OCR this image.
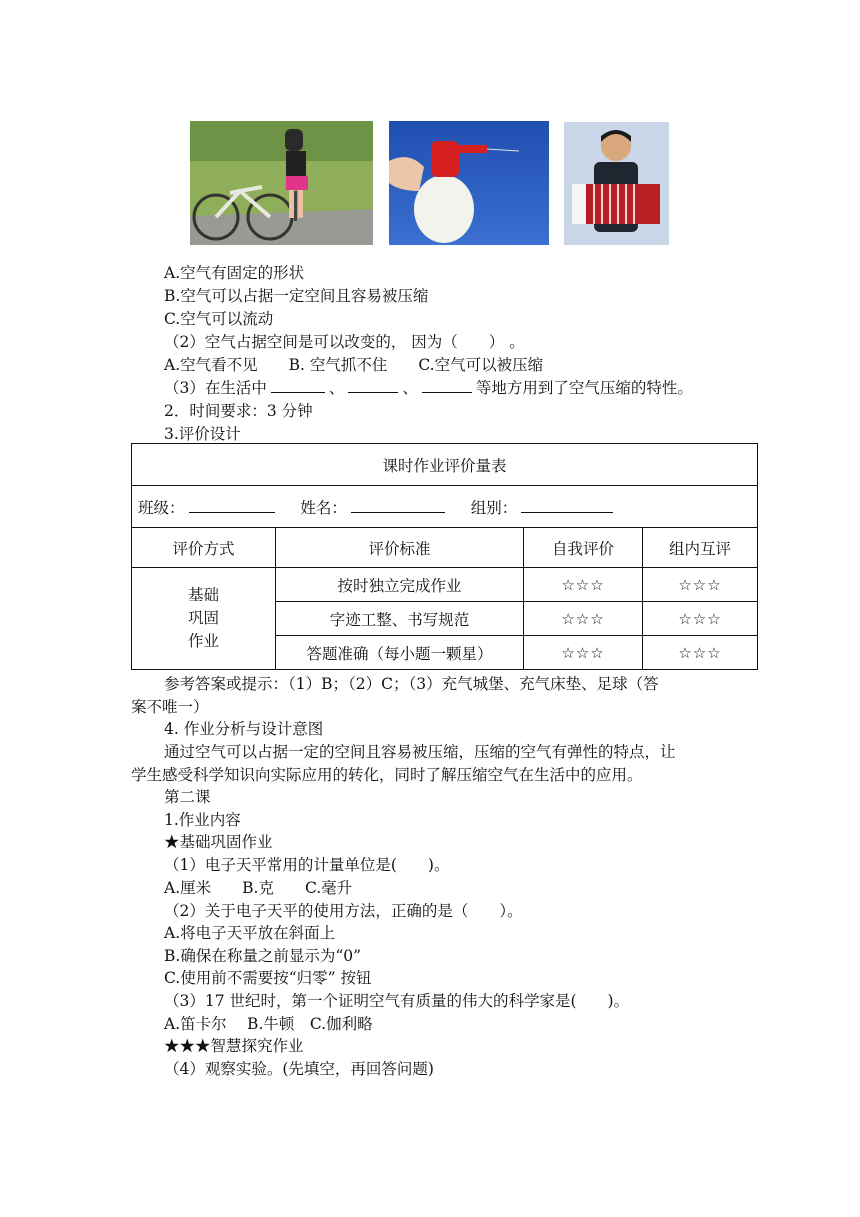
A.空气有固定的形状
B.空气可以占据一定空间且容易被压缩
C.空气可以流动
（2）空气占据空间是可以改变的， 因为（　　） 。
A.空气看不见　　B. 空气抓不住　　C.空气可以被压缩
（3）在生活中	、	、	等地方用到了空气压缩的特性。
2．时间要求：3 分钟
3.评价设计
课时作业评价量表			
班级： 姓名： 组别：			
评价方式	评价标准	自我评价	组内互评

基础
巩固
作业	按时独立完成作业	☆☆☆	☆☆☆
	字迹工整、书写规范	☆☆☆	☆☆☆
	答题准确（每小题一颗星）	☆☆☆	☆☆☆
参考答案或提示：（1）B；（2）C；（3）充气城堡、充气床垫、足球（答
案不唯一）
4. 作业分析与设计意图
通过空气可以占据一定的空间且容易被压缩，压缩的空气有弹性的特点，让
学生感受科学知识向实际应用的转化，同时了解压缩空气在生活中的应用。
第二课
1.作业内容
★基础巩固作业
（1）电子天平常用的计量单位是(　　)。
A.厘米　　B.克　　C.毫升
（2）关于电子天平的使用方法，正确的是（　　）。
A.将电子天平放在斜面上
B.确保在称量之前显示为“0”
C.使用前不需要按“归零” 按钮
（3）17 世纪时，第一个证明空气有质量的伟大的科学家是(　　)。
A.笛卡尔　 B.牛顿　C.伽利略
★★★智慧探究作业
（4）观察实验。(先填空，再回答问题)
